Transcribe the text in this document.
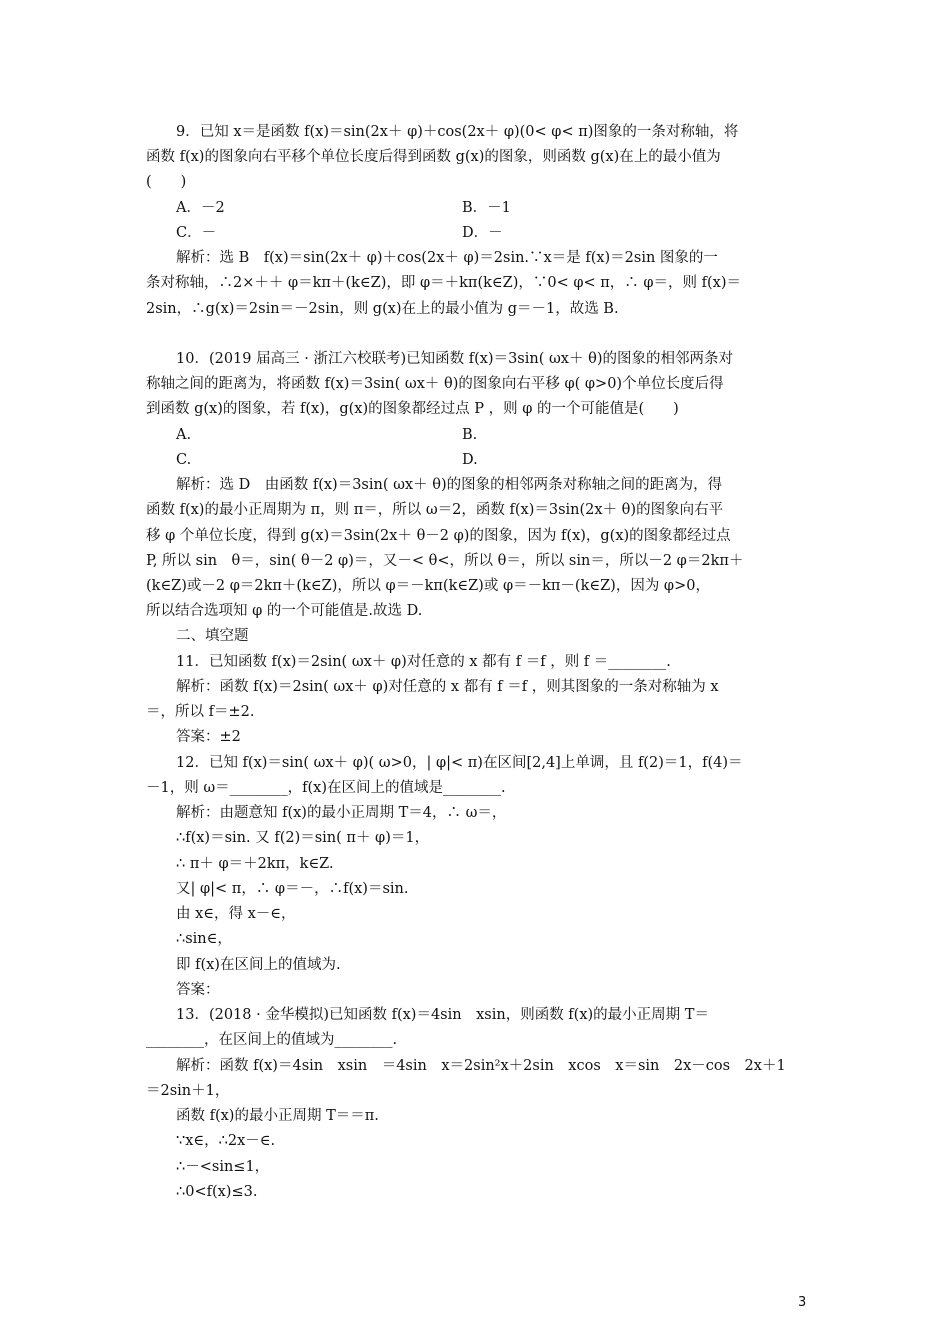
9．已知 x＝是函数 f(x)＝sin(2x＋ φ)＋cos(2x＋ φ)(0< φ< π)图象的一条对称轴，将
函数 f(x)的图象向右平移个单位长度后得到函数 g(x)的图象，则函数 g(x)在上的最小值为
(　　)
A．－2	B．－1
C．－	D．－
解析：选 B　f(x)＝sin(2x＋ φ)＋cos(2x＋ φ)＝2sin.∵x＝是 f(x)＝2sin 图象的一
条对称轴，∴2×＋＋ φ＝kπ＋(k∈Z)，即 φ＝＋kπ(k∈Z)，∵0< φ< π，∴ φ＝，则 f(x)＝
2sin，∴g(x)＝2sin＝－2sin，则 g(x)在上的最小值为 g＝－1，故选 B.
10．(2019 届高三 · 浙江六校联考)已知函数 f(x)＝3sin( ωx＋ θ)的图象的相邻两条对
称轴之间的距离为，将函数 f(x)＝3sin( ωx＋ θ)的图象向右平移 φ( φ>0)个单位长度后得
到函数 g(x)的图象，若 f(x)，g(x)的图象都经过点 P ，则 φ 的一个可能值是(　　)
A.	B.
C.	D.
解析：选 D　由函数 f(x)＝3sin( ωx＋ θ)的图象的相邻两条对称轴之间的距离为，得
函数 f(x)的最小正周期为 π，则 π＝，所以 ω＝2，函数 f(x)＝3sin(2x＋ θ)的图象向右平
移 φ 个单位长度，得到 g(x)＝3sin(2x＋ θ－2 φ)的图象，因为 f(x)，g(x)的图象都经过点
P, 所以 sin　θ＝，sin( θ－2 φ)＝，又－< θ<，所以 θ＝，所以 sin＝，所以－2 φ＝2kπ＋
(k∈Z)或－2 φ＝2kπ＋(k∈Z)，所以 φ＝－kπ(k∈Z)或 φ＝－kπ－(k∈Z)，因为 φ>0，
所以结合选项知 φ 的一个可能值是.故选 D.
二、填空题
11．已知函数 f(x)＝2sin( ωx＋ φ)对任意的 x 都有 f ＝f ，则 f ＝________.
解析：函数 f(x)＝2sin( ωx＋ φ)对任意的 x 都有 f ＝f ，则其图象的一条对称轴为 x
＝，所以 f＝±2.
答案：±2
12．已知 f(x)＝sin( ωx＋ φ)( ω>0，| φ|< π)在区间[2,4]上单调，且 f(2)＝1，f(4)＝
－1，则 ω＝________，f(x)在区间上的值域是________.
解析：由题意知 f(x)的最小正周期 T＝4，∴ ω＝，
∴f(x)＝sin. 又 f(2)＝sin( π＋ φ)＝1，
∴ π＋ φ＝＋2kπ，k∈Z.
又| φ|< π，∴ φ＝－，∴f(x)＝sin.
由 x∈，得 x－∈，
∴sin∈，
即 f(x)在区间上的值域为.
答案：
13．(2018 · 金华模拟)已知函数 f(x)＝4sin　xsin，则函数 f(x)的最小正周期 T＝
________，在区间上的值域为________.
解析：函数 f(x)＝4sin　xsin　＝4sin　x＝2sin²x＋2sin　xcos　x＝sin　2x－cos　2x＋1
＝2sin＋1，
函数 f(x)的最小正周期 T＝＝π.
∵x∈，∴2x－∈.
∴－<sin≤1，
∴0<f(x)≤3.
3
